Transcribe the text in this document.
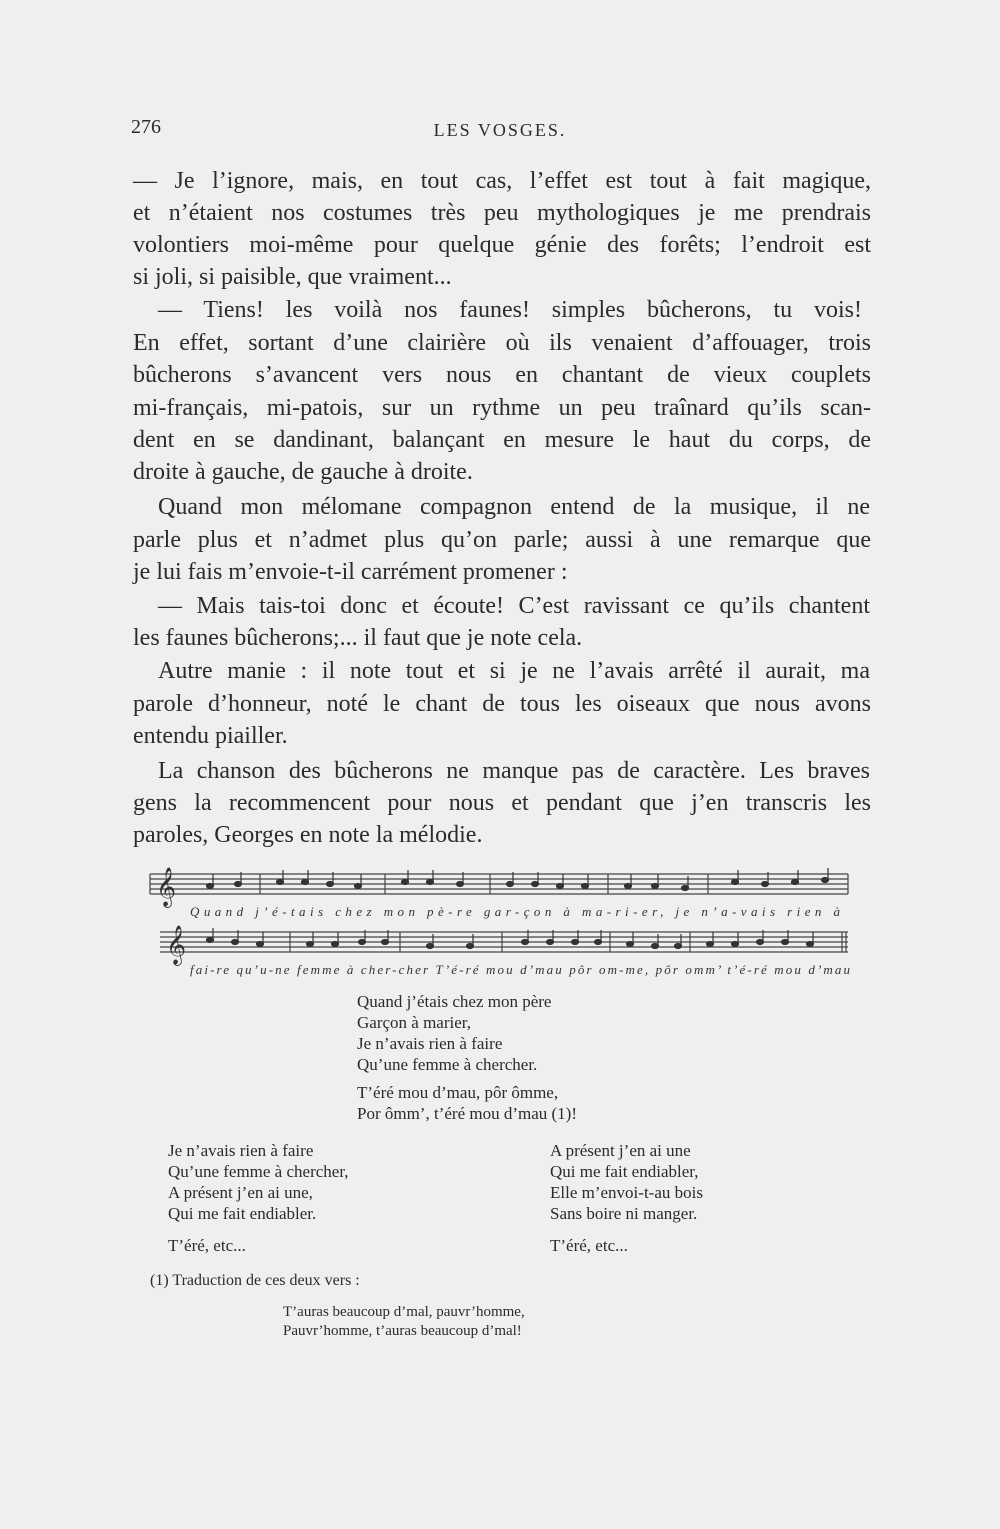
276	LES VOSGES.
— Je l’ignore, mais, en tout cas, l’effet est tout à fait magique,
et n’étaient nos costumes très peu mythologiques je me prendrais
volontiers moi-même pour quelque génie des forêts; l’endroit est
si joli, si paisible, que vraiment...
— Tiens! les voilà nos faunes! simples bûcherons, tu vois!
En effet, sortant d’une clairière où ils venaient d’affouager, trois
bûcherons s’avancent vers nous en chantant de vieux couplets
mi-français, mi-patois, sur un rythme un peu traînard qu’ils scan-
dent en se dandinant, balançant en mesure le haut du corps, de
droite à gauche, de gauche à droite.
Quand mon mélomane compagnon entend de la musique, il ne
parle plus et n’admet plus qu’on parle; aussi à une remarque que
je lui fais m’envoie-t-il carrément promener :
— Mais tais-toi donc et écoute! C’est ravissant ce qu’ils chantent
les faunes bûcherons;... il faut que je note cela.
Autre manie : il note tout et si je ne l’avais arrêté il aurait, ma
parole d’honneur, noté le chant de tous les oiseaux que nous avons
entendu piailler.
La chanson des bûcherons ne manque pas de caractère. Les braves
gens la recommencent pour nous et pendant que j’en transcris les
paroles, Georges en note la mélodie.
𝄞
𝄞
Quand j’é-tais chez mon pè-re gar-çon à ma-ri-er, je n’a-vais rien à
fai-re qu’u-ne femme à cher-cher T’é-ré mou d’mau pôr om-me, pôr omm’ t’é-ré mou d’mau
Quand j’étais chez mon père
Garçon à marier,
Je n’avais rien à faire
Qu’une femme à chercher.
T’éré mou d’mau, pôr ômme,
Por ômm’, t’éré mou d’mau (1)!
Je n’avais rien à faire
Qu’une femme à chercher,
A présent j’en ai une,
Qui me fait endiabler.
T’éré, etc...
A présent j’en ai une
Qui me fait endiabler,
Elle m’envoi-t-au bois
Sans boire ni manger.
T’éré, etc...
(1) Traduction de ces deux vers :
T’auras beaucoup d’mal, pauvr’homme,
Pauvr’homme, t’auras beaucoup d’mal!
